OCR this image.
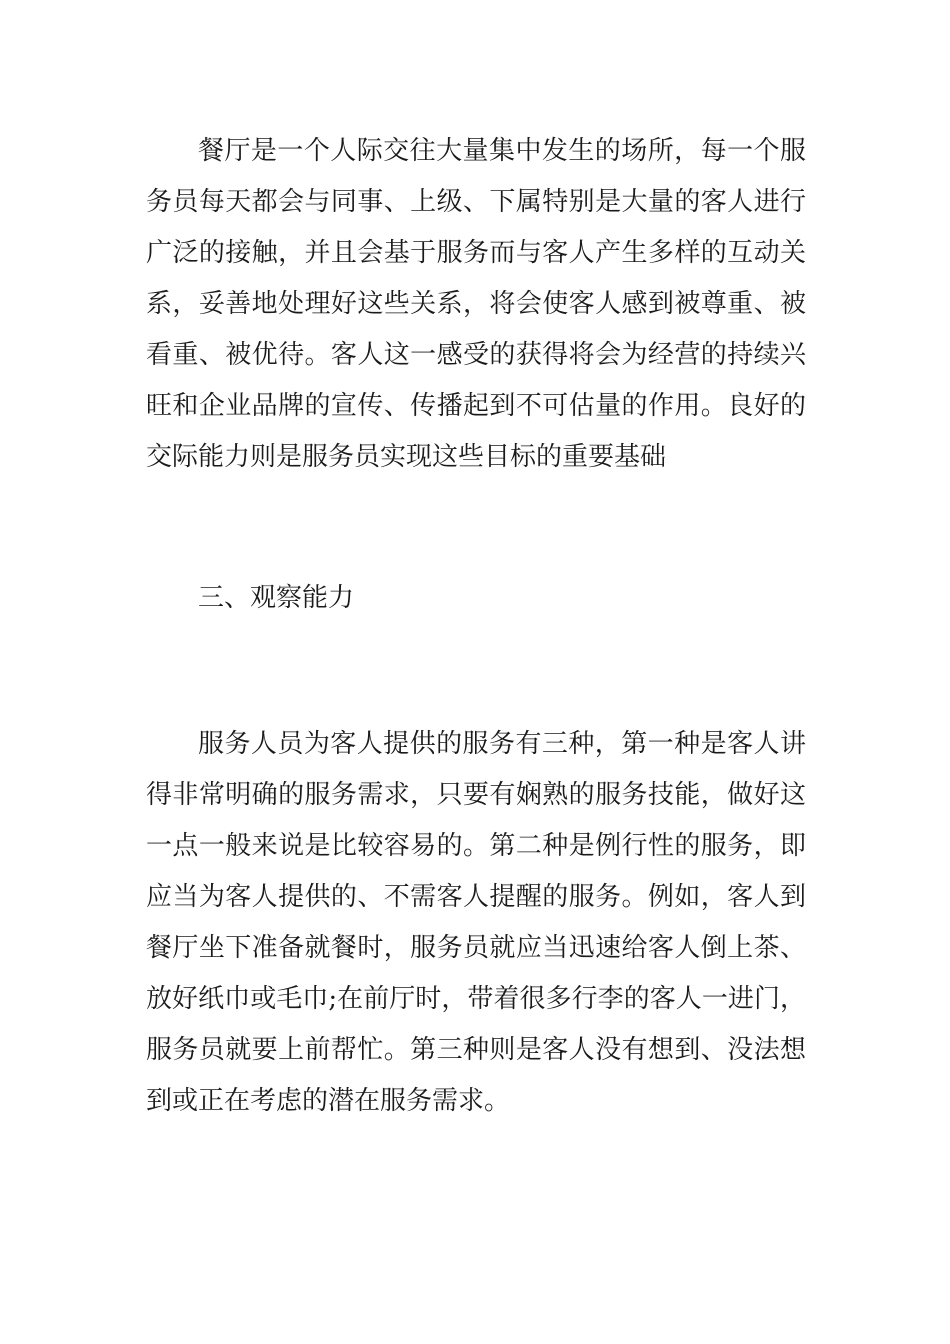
餐厅是一个人际交往大量集中发生的场所，每一个服务员每天都会与同事、上级、下属特别是大量的客人进行广泛的接触，并且会基于服务而与客人产生多样的互动关系，妥善地处理好这些关系，将会使客人感到被尊重、被看重、被优待。客人这一感受的获得将会为经营的持续兴旺和企业品牌的宣传、传播起到不可估量的作用。良好的交际能力则是服务员实现这些目标的重要基础

三、观察能力

服务人员为客人提供的服务有三种，第一种是客人讲得非常明确的服务需求，只要有娴熟的服务技能，做好这一点一般来说是比较容易的。第二种是例行性的服务，即应当为客人提供的、不需客人提醒的服务。例如，客人到餐厅坐下准备就餐时，服务员就应当迅速给客人倒上茶、放好纸巾或毛巾;在前厅时，带着很多行李的客人一进门，服务员就要上前帮忙。第三种则是客人没有想到、没法想到或正在考虑的潜在服务需求。
